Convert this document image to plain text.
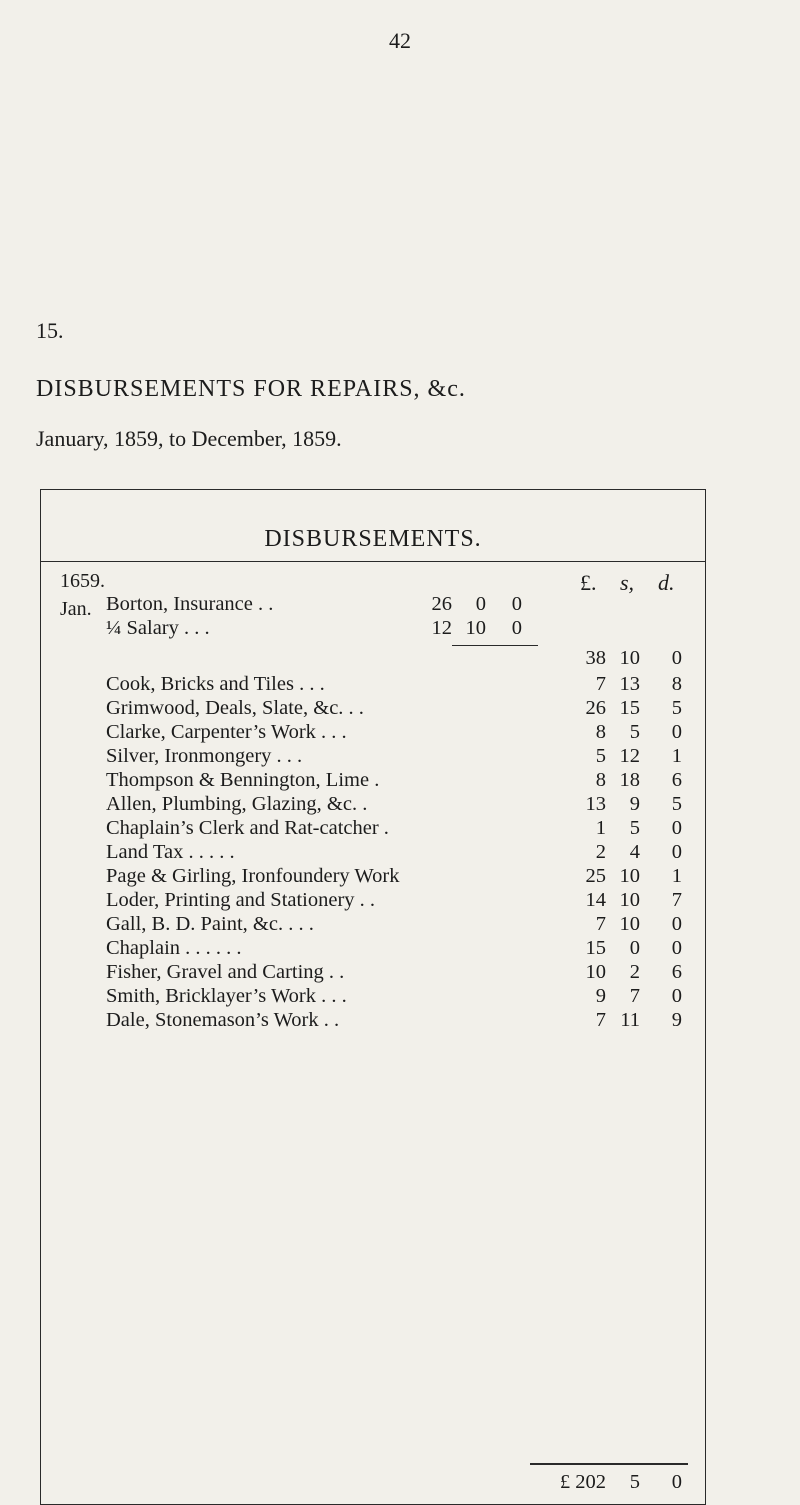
42
15.
DISBURSEMENTS FOR REPAIRS, &c.
January, 1859, to December, 1859.
DISBURSEMENTS.
1659.
Jan.
£. s, d.
Borton, Insurance . .	26	0	0
¼ Salary . . .	12 10	0
38 10	0
Cook, Bricks and Tiles . . .	7 13	8
Grimwood, Deals, Slate, &c. . .	26 15	5
Clarke, Carpenter’s Work . . .	8	5	0
Silver, Ironmongery . . .	5 12	1
Thompson & Bennington, Lime .	8 18	6
Allen, Plumbing, Glazing, &c. .	13	9	5
Chaplain’s Clerk and Rat-catcher .	1	5	0
Land Tax . . . . .	2	4	0
Page & Girling, Ironfoundery Work	25 10	1
Loder, Printing and Stationery . .	14 10	7
Gall, B. D. Paint, &c. . . .	7 10	0
Chaplain . . . . . .	15	0	0
Fisher, Gravel and Carting . .	10	2	6
Smith, Bricklayer’s Work . . .	9	7	0
Dale, Stonemason’s Work . .	7 11	9
£ 202	5	0
